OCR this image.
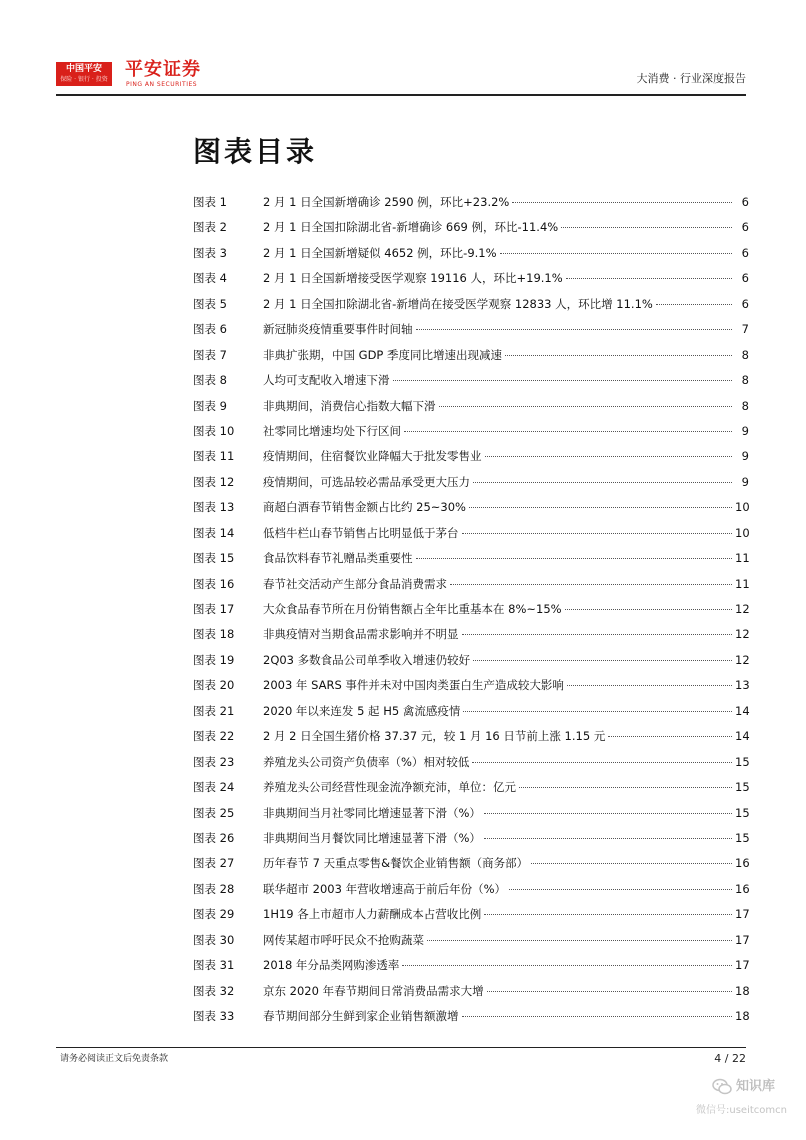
中国平安
保险 · 银行 · 投资 平安证券
PING AN SECURITIES	大消费 · 行业深度报告
图表目录
图表 1	2 月 1 日全国新增确诊 2590 例，环比+23.2%	6
图表 2	2 月 1 日全国扣除湖北省-新增确诊 669 例，环比-11.4%	6
图表 3	2 月 1 日全国新增疑似 4652 例，环比-9.1%	6
图表 4	2 月 1 日全国新增接受医学观察 19116 人，环比+19.1%	6
图表 5	2 月 1 日全国扣除湖北省-新增尚在接受医学观察 12833 人，环比增 11.1%	6
图表 6	新冠肺炎疫情重要事件时间轴	7
图表 7	非典扩张期，中国 GDP 季度同比增速出现减速	8
图表 8	人均可支配收入增速下滑	8
图表 9	非典期间，消费信心指数大幅下滑	8
图表 10	社零同比增速均处下行区间	9
图表 11	疫情期间，住宿餐饮业降幅大于批发零售业	9
图表 12	疫情期间，可选品较必需品承受更大压力	9
图表 13	商超白酒春节销售金额占比约 25~30%	10
图表 14	低档牛栏山春节销售占比明显低于茅台	10
图表 15	食品饮料春节礼赠品类重要性	11
图表 16	春节社交活动产生部分食品消费需求	11
图表 17	大众食品春节所在月份销售额占全年比重基本在 8%~15%	12
图表 18	非典疫情对当期食品需求影响并不明显	12
图表 19	2Q03 多数食品公司单季收入增速仍较好	12
图表 20	2003 年 SARS 事件并未对中国肉类蛋白生产造成较大影响	13
图表 21	2020 年以来连发 5 起 H5 禽流感疫情	14
图表 22	2 月 2 日全国生猪价格 37.37 元，较 1 月 16 日节前上涨 1.15 元	14
图表 23	养殖龙头公司资产负债率（%）相对较低	15
图表 24	养殖龙头公司经营性现金流净额充沛，单位：亿元	15
图表 25	非典期间当月社零同比增速显著下滑（%）	15
图表 26	非典期间当月餐饮同比增速显著下滑（%）	15
图表 27	历年春节 7 天重点零售&餐饮企业销售额（商务部）	16
图表 28	联华超市 2003 年营收增速高于前后年份（%）	16
图表 29	1H19 各上市超市人力薪酬成本占营收比例	17
图表 30	网传某超市呼吁民众不抢购蔬菜	17
图表 31	2018 年分品类网购渗透率	17
图表 32	京东 2020 年春节期间日常消费品需求大增	18
图表 33	春节期间部分生鲜到家企业销售额激增	18
请务必阅读正文后免责条款	4 / 22
知识库
微信号:useitcomcn
